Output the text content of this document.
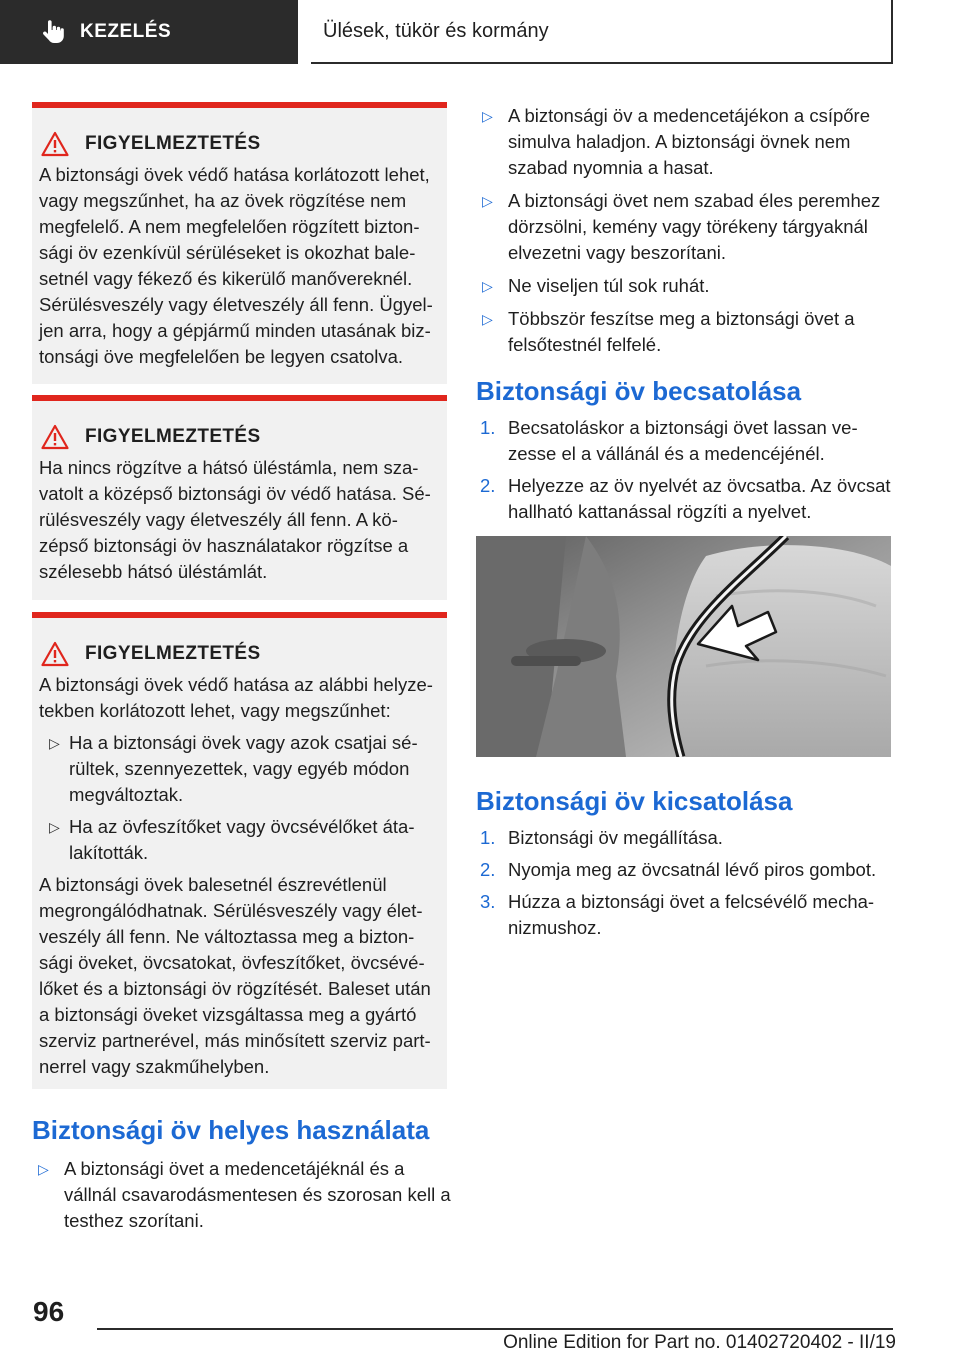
KEZELÉS	Ülések, tükör és kormány
FIGYELMEZTETÉS

A biztonsági övek védő hatása korlátozott lehet, vagy megszűnhet, ha az övek rögzítése nem megfelelő. A nem megfelelően rögzített biztonsági öv ezenkívül sérüléseket is okozhat balesetnél vagy fékező és kikerülő manővereknél. Sérülésveszély vagy életveszély áll fenn. Ügyeljen arra, hogy a gépjármű minden utasának biztonsági öve megfelelően be legyen csatolva.

FIGYELMEZTETÉS

Ha nincs rögzítve a hátsó üléstámla, nem szavatolt a középső biztonsági öv védő hatása. Sérülésveszély vagy életveszély áll fenn. A középső biztonsági öv használatakor rögzítse a szélesebb hátsó üléstámlát.

FIGYELMEZTETÉS

A biztonsági övek védő hatása az alábbi helyzetekben korlátozott lehet, vagy megszűnhet:

▷ Ha a biztonsági övek vagy azok csatjai sérültek, szennyezettek, vagy egyéb módon megváltoztak.
▷ Ha az övfeszítőket vagy övcsévélőket átalakították.

A biztonsági övek balesetnél észrevétlenül megrongálódhatnak. Sérülésveszély vagy életveszély áll fenn. Ne változtassa meg a biztonsági öveket, övcsatokat, övfeszítőket, övcsévélőket és a biztonsági öv rögzítését. Baleset után a biztonsági öveket vizsgáltassa meg a gyártó szerviz partnerével, más minősített szerviz partnerrel vagy szakműhelyben.

Biztonsági öv helyes használata
▷ A biztonsági övet a medencetájéknál és a vállnál csavarodásmentesen és szorosan kell a testhez szorítani.
▷ A biztonsági öv a medencetájékon a csípőre simulva haladjon. A biztonsági övnek nem szabad nyomnia a hasat.
▷ A biztonsági övet nem szabad éles peremhez dörzsölni, kemény vagy törékeny tárgyaknál elvezetni vagy beszorítani.
▷ Ne viseljen túl sok ruhát.
▷ Többször feszítse meg a biztonsági övet a felsőtestnél felfelé.
Biztonsági öv becsatolása
1. Becsatoláskor a biztonsági övet lassan vezesse el a vállánál és a medencéjénél.
2. Helyezze az öv nyelvét az övcsatba. Az övcsat hallható kattanással rögzíti a nyelvet.
Biztonsági öv kicsatolása
1. Biztonsági öv megállítása.
2. Nyomja meg az övcsatnál lévő piros gombot.
3. Húzza a biztonsági övet a felcsévélő mechanizmushoz.
96
Online Edition for Part no. 01402720402 - II/19
